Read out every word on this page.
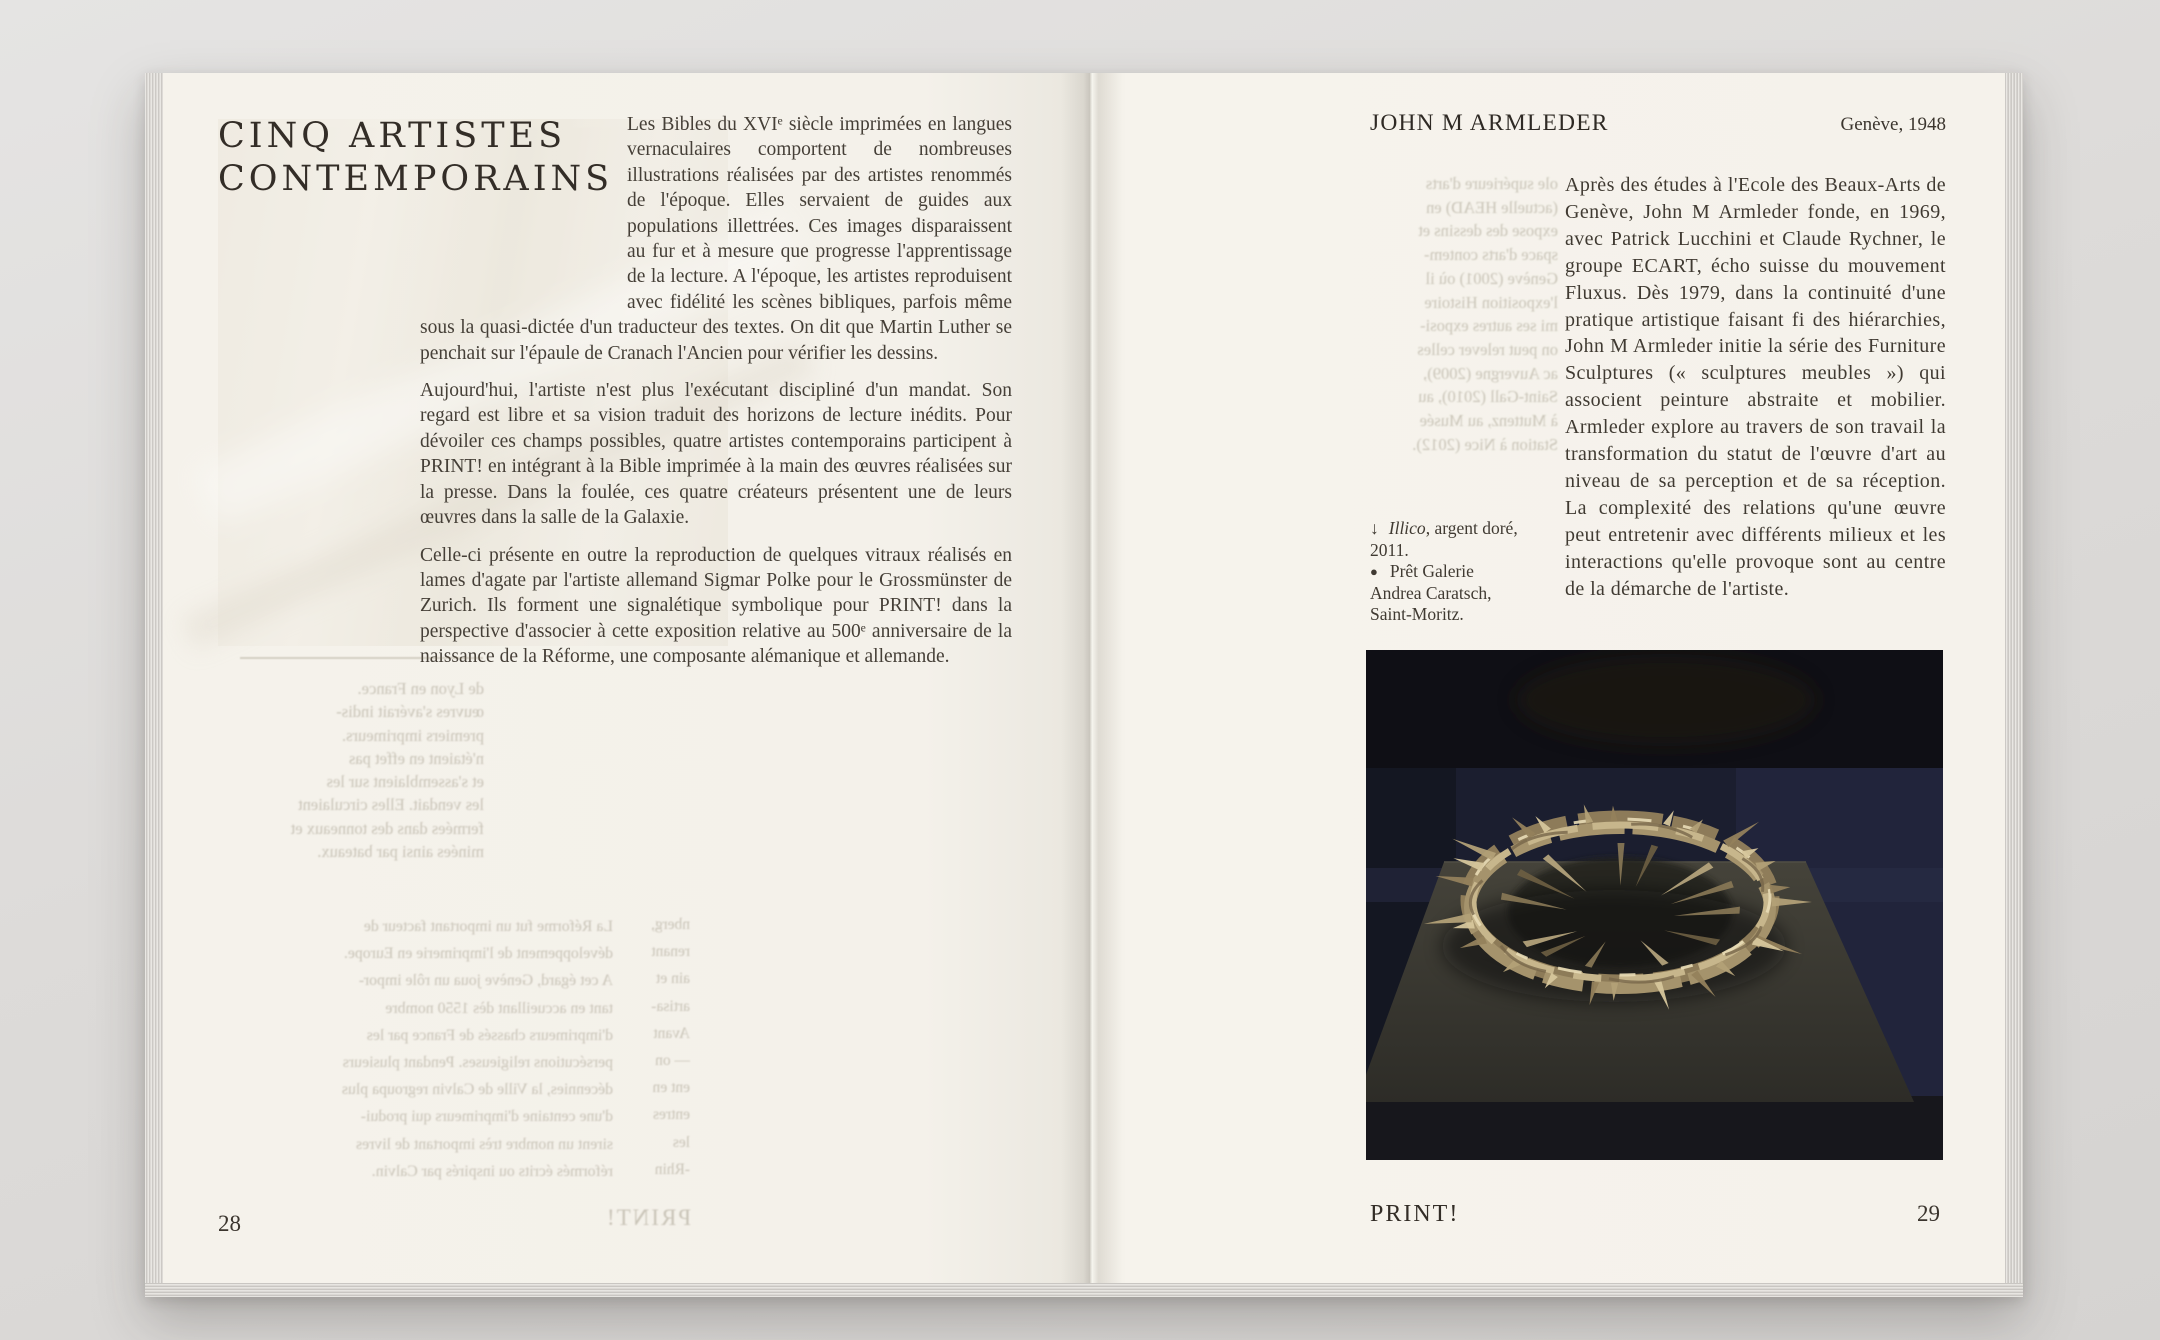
CINQ ARTISTES
CONTEMPORAINS

Les Bibles du XVIᵉ siècle imprimées en langues vernaculaires comportent de nombreuses illustrations réalisées par des artistes renommés de l'époque. Elles servaient de guides aux populations illettrées. Ces images disparaissent au fur et à mesure que progresse l'apprentissage de la lecture. A l'époque, les artistes reproduisent avec fidélité les scènes bibliques, parfois même sous la quasi-dictée d'un traducteur des textes. On dit que Martin Luther se penchait sur l'épaule de Cranach l'Ancien pour vérifier les dessins.

Aujourd'hui, l'artiste n'est plus l'exécutant discipliné d'un mandat. Son regard est libre et sa vision traduit des horizons de lecture inédits. Pour dévoiler ces champs possibles, quatre artistes contemporains participent à PRINT! en intégrant à la Bible imprimée à la main des œuvres réalisées sur la presse. Dans la foulée, ces quatre créateurs présentent une de leurs œuvres dans la salle de la Galaxie.

Celle-ci présente en outre la reproduction de quelques vitraux réalisés en lames d'agate par l'artiste allemand Sigmar Polke pour le Grossmünster de Zurich. Ils forment une signalétique symbolique pour PRINT! dans la perspective d'associer à cette exposition relative au 500ᵉ anniversaire de la naissance de la Réforme, une composante alémanique et allemande.

de Lyon en France.
œuvres s'avérait indis-
premiers imprimeurs.
n'étaient en effet pas
et s'assemblaient sur les
les vendait. Elles circulaient
fermées dans des tonneaux et
minées ainsi par bateaux.
La Réforme fut un important facteur de
développement de l'imprimerie en Europe.
A cet égard, Genève joua un rôle impor-
tant en accueillant dès 1550 nombre
d'imprimeurs chassés de France par les
persécutions religieuses. Pendant plusieurs
décennies, la Ville de Calvin regroupa plus
d'une centaine d'imprimeurs qui produi-
sirent un nombre très important de livres
réformés écrits ou inspirés par Calvin.
nberg,
renant
ain et
artisa-
Avant
— on
ent en
entres
les
-Rhin
PRINT!
28
JOHN M ARMLEDER	Genève, 1948
ole supérieure d'arts
(actuelle HEAD) en
expose des dessins et
space d'arts contem-
Genève (2001) où il
l'exposition Histoire
mi ses autres exposi-
on peut relever celles
ac Auvergne (2009),
Saint-Gall (2010), au
à Muttenz, au Musée
Station à Nice (2012).
Après des études à l'Ecole des Beaux-Arts de Genève, John M Armleder fonde, en 1969, avec Patrick Lucchini et Claude Rychner, le groupe ECART, écho suisse du mouvement Fluxus. Dès 1979, dans la continuité d'une pratique artistique faisant fi des hiérarchies, John M Armleder initie la série des Furniture Sculptures (« sculptures meubles ») qui associent peinture abstraite et mobilier. Armleder explore au travers de son travail la transformation du statut de l'œuvre d'art au niveau de sa perception et de sa réception. La complexité des relations qu'une œuvre peut entretenir avec différents milieux et les interactions qu'elle provoque sont au centre de la démarche de l'artiste.
↓ Illico, argent doré,
2011.
● Prêt Galerie
Andrea Caratsch,
Saint-Moritz.
PRINT!	29
